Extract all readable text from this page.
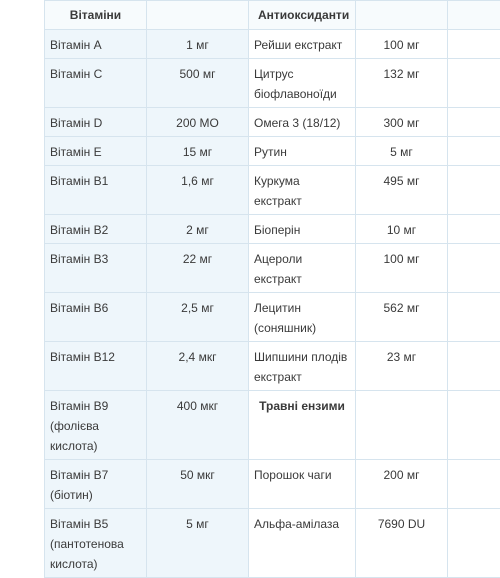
Вітаміни		Антиоксиданти		
Вітамін A	1 мг	Рейши екстракт	100 мг	
Вітамін C	500 мг	Цитрус біофлавоноїди	132 мг	
Вітамін D	200 МО	Омега 3 (18/12)	300 мг	
Вітамін E	15 мг	Рутин	5 мг	
Вітамін B1	1,6 мг	Куркума екстракт	495 мг	
Вітамін B2	2 мг	Біоперін	10 мг	
Вітамін B3	22 мг	Ацероли екстракт	100 мг	
Вітамін B6	2,5 мг	Лецитин (соняшник)	562 мг	
Вітамін B12	2,4 мкг	Шипшини плодів екстракт	23 мг	
Вітамін B9 (фолієва кислота)	400 мкг	Травні ензими		
Вітамін B7 (біотин)	50 мкг	Порошок чаги	200 мг	
Вітамін B5 (пантотенова кислота)	5 мг	Альфа-амілаза	7690 DU	
